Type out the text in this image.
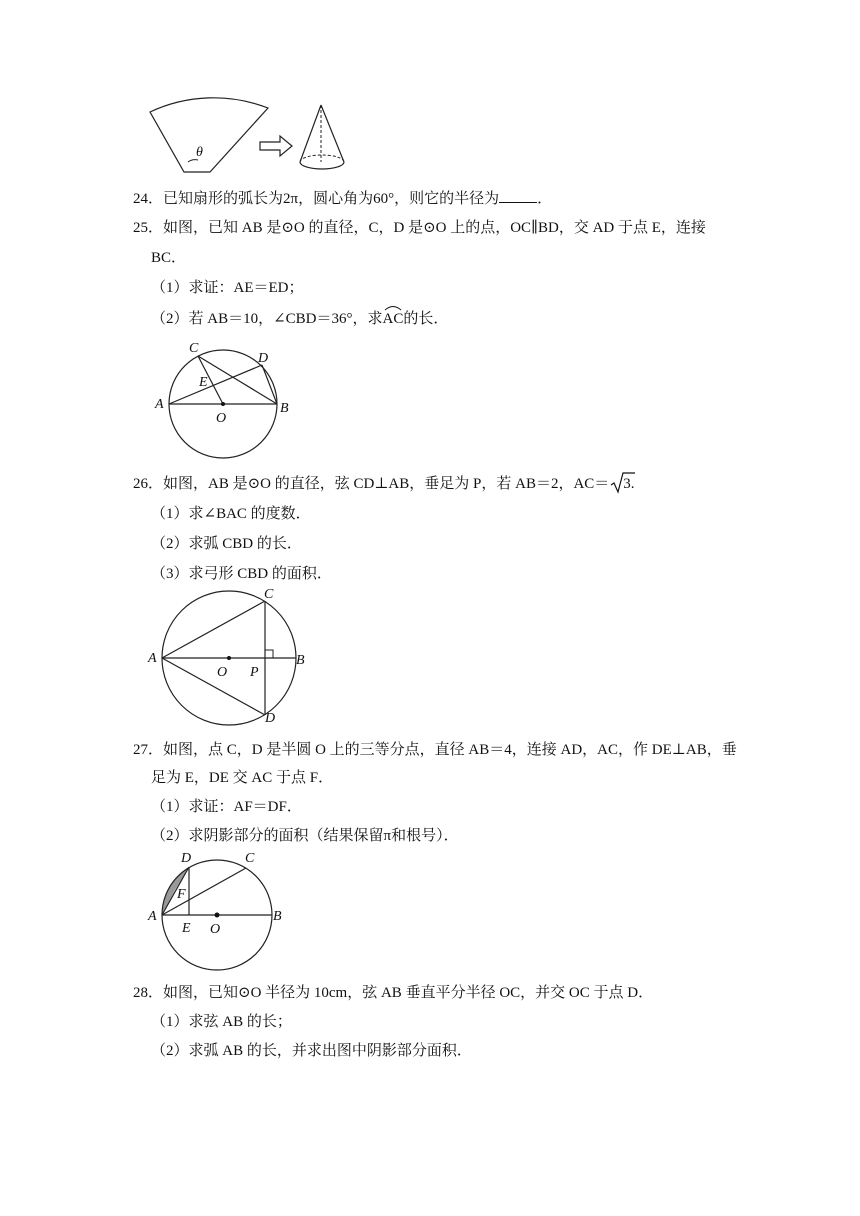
θ
24．已知扇形的弧长为2π，圆心角为60°，则它的半径为	．
25．如图，已知 AB 是⊙O 的直径，C，D 是⊙O 上的点，OC∥BD，交 AD 于点 E，连接
BC．
（1）求证：AE＝ED；
（2）若 AB＝10，∠CBD＝36°，求
AC的长．
A	B
C
D
E
O
26．如图，AB 是⊙O 的直径，弦 CD⊥AB，垂足为 P，若 AB＝2，AC＝ 3.
（1）求∠BAC 的度数．
（2）求弧 CBD 的长．
（3）求弓形 CBD 的面积．
A	B
C
D
O P
27．如图，点 C，D 是半圆 O 上的三等分点，直径 AB＝4，连接 AD，AC，作 DE⊥AB，垂
足为 E，DE 交 AC 于点 F．
（1）求证：AF＝DF．
（2）求阴影部分的面积（结果保留π和根号）．
A	B
C
D
E
F
O
28．如图，已知⊙O 半径为 10cm，弦 AB 垂直平分半径 OC，并交 OC 于点 D．
（1）求弦 AB 的长；
（2）求弧 AB 的长，并求出图中阴影部分面积．
